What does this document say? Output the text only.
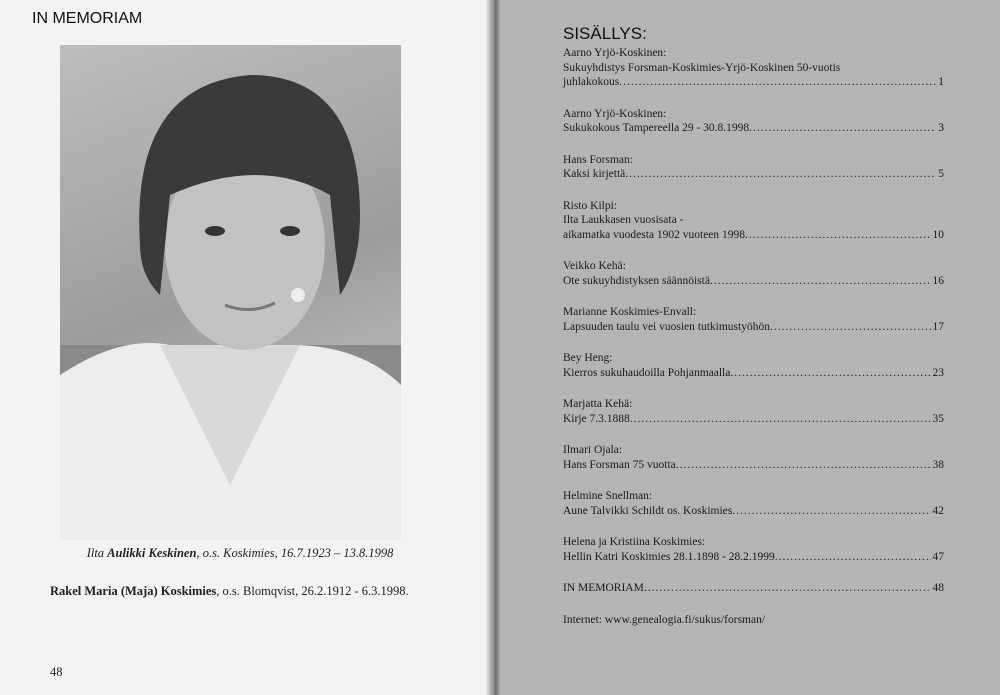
IN MEMORIAM
Ilta Aulikki Keskinen, o.s. Koskimies, 16.7.1923 – 13.8.1998
Rakel Maria (Maja) Koskimies, o.s. Blomqvist, 26.2.1912 - 6.3.1998.
48
SISÄLLYS:
Aarno Yrjö-Koskinen:
Sukuyhdistys Forsman-Koskimies-Yrjö-Koskinen 50-vuotis
juhlakokous .....	1
Aarno Yrjö-Koskinen:
Sukukokous Tampereella 29 - 30.8.1998 .....	3
Hans Forsman:
Kaksi kirjettä .....	5
Risto Kilpi:
Ilta Laukkasen vuosisata -
aikamatka vuodesta 1902 vuoteen 1998 .....	10
Veikko Kehä:
Ote sukuyhdistyksen säännöistä .....	16
Marianne Koskimies-Envall:
Lapsuuden taulu vei vuosien tutkimustyöhön .....	17
Bey Heng:
Kierros sukuhaudoilla Pohjanmaalla .....	23
Marjatta Kehä:
Kirje 7.3.1888 .....	35
Ilmari Ojala:
Hans Forsman 75 vuotta .....	38
Helmine Snellman:
Aune Talvikki Schildt os. Koskimies .....	42
Helena ja Kristiina Koskimies:
Hellin Katri Koskimies 28.1.1898 - 28.2.1999 .....	47
IN MEMORIAM .....	48
Internet: www.genealogia.fi/sukus/forsman/
